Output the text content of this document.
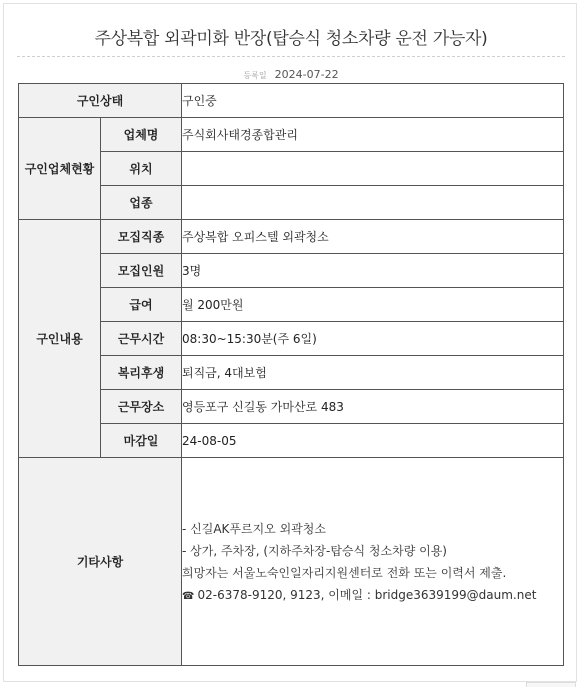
주상복합 외곽미화 반장(탑승식 청소차량 운전 가능자)
등록일 2024-07-22
구인상태		구인중
구인업체현황	업체명	주식회사태경종합관리
	위치	
	업종	
구인내용	모집직종	주상복합 오피스텔 외곽청소
	모집인원	3명
	급여	월 200만원
	근무시간	08:30~15:30분(주 6일)
	복리후생	퇴직금, 4대보험
	근무장소	영등포구 신길동 가마산로 483
	마감일	24-08-05
기타사항		- 신길AK푸르지오 외곽청소
- 상가, 주차장, (지하주차장-탑승식 청소차량 이용)
희망자는 서울노숙인일자리지원센터로 전화 또는 이력서 제출.
☎ 02-6378-9120, 9123, 이메일 : bridge3639199@daum.net
